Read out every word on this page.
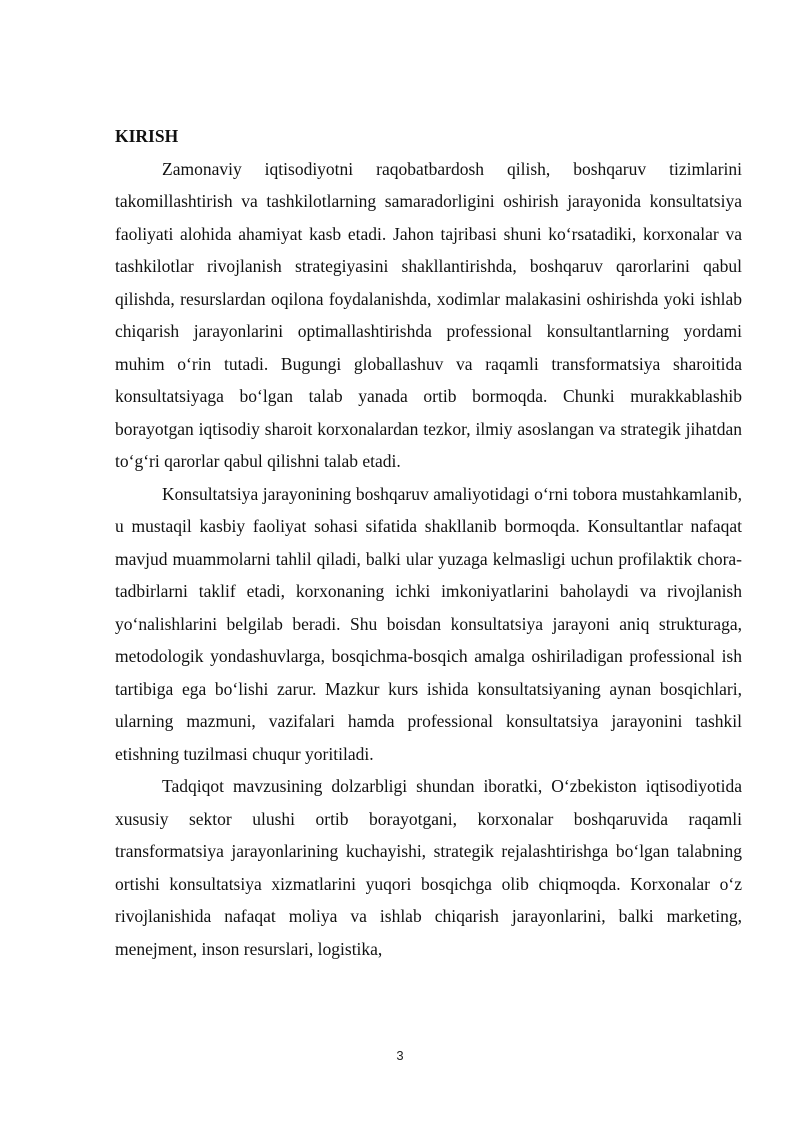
KIRISH

Zamonaviy iqtisodiyotni raqobatbardosh qilish, boshqaruv tizimlarini takomillashtirish va tashkilotlarning samaradorligini oshirish jarayonida konsultatsiya faoliyati alohida ahamiyat kasb etadi. Jahon tajribasi shuni koʻrsatadiki, korxonalar va tashkilotlar rivojlanish strategiyasini shakllantirishda, boshqaruv qarorlarini qabul qilishda, resurslardan oqilona foydalanishda, xodimlar malakasini oshirishda yoki ishlab chiqarish jarayonlarini optimallashtirishda professional konsultantlarning yordami muhim oʻrin tutadi. Bugungi globallashuv va raqamli transformatsiya sharoitida konsultatsiyaga boʻlgan talab yanada ortib bormoqda. Chunki murakkablashib borayotgan iqtisodiy sharoit korxonalardan tezkor, ilmiy asoslangan va strategik jihatdan toʻgʻri qarorlar qabul qilishni talab etadi.

Konsultatsiya jarayonining boshqaruv amaliyotidagi oʻrni tobora mustahkamlanib, u mustaqil kasbiy faoliyat sohasi sifatida shakllanib bormoqda. Konsultantlar nafaqat mavjud muammolarni tahlil qiladi, balki ular yuzaga kelmasligi uchun profilaktik chora-tadbirlarni taklif etadi, korxonaning ichki imkoniyatlarini baholaydi va rivojlanish yoʻnalishlarini belgilab beradi. Shu boisdan konsultatsiya jarayoni aniq strukturaga, metodologik yondashuvlarga, bosqichma-bosqich amalga oshiriladigan professional ish tartibiga ega boʻlishi zarur. Mazkur kurs ishida konsultatsiyaning aynan bosqichlari, ularning mazmuni, vazifalari hamda professional konsultatsiya jarayonini tashkil etishning tuzilmasi chuqur yoritiladi.

Tadqiqot mavzusining dolzarbligi shundan iboratki, Oʻzbekiston iqtisodiyotida xususiy sektor ulushi ortib borayotgani, korxonalar boshqaruvida raqamli transformatsiya jarayonlarining kuchayishi, strategik rejalashtirishga boʻlgan talabning ortishi konsultatsiya xizmatlarini yuqori bosqichga olib chiqmoqda. Korxonalar oʻz rivojlanishida nafaqat moliya va ishlab chiqarish jarayonlarini, balki marketing, menejment, inson resurslari, logistika,

3
